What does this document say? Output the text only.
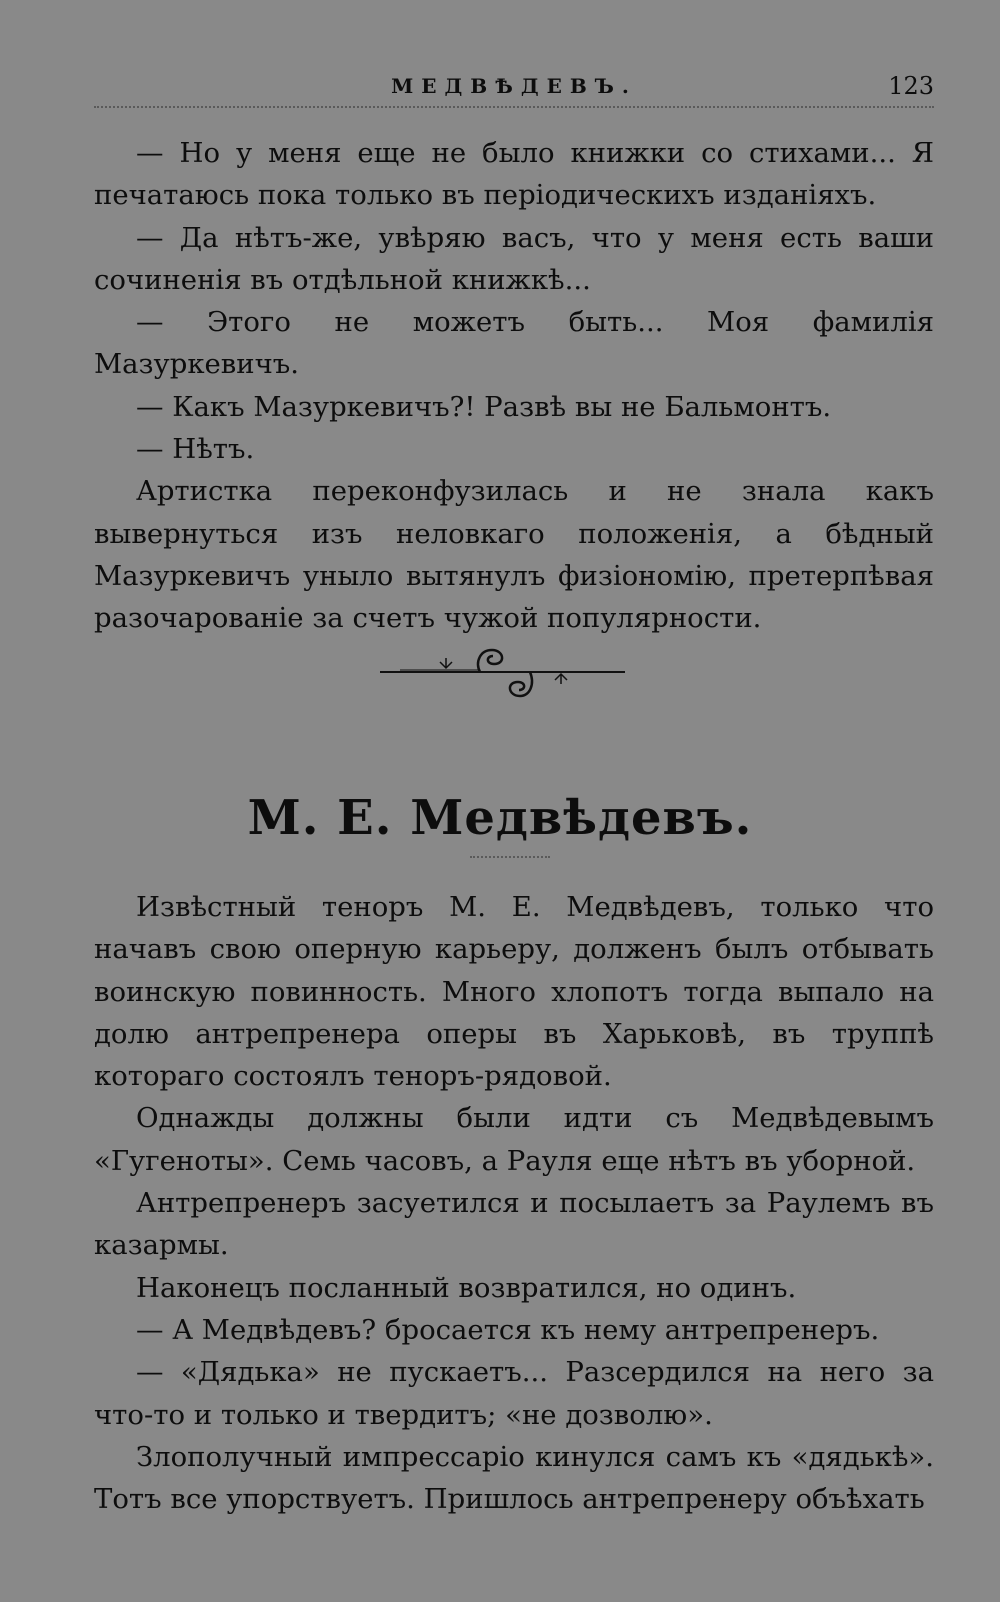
МЕДВѢДЕВЪ.	123

— Но у меня еще не было книжки со стихами... Я печатаюсь пока только въ періодическихъ изданіяхъ.

— Да нѣтъ-же, увѣряю васъ, что у меня есть ваши сочиненія въ отдѣльной книжкѣ...

— Этого не можетъ быть... Моя фамилія Мазуркевичъ.

— Какъ Мазуркевичъ?! Развѣ вы не Бальмонтъ.

— Нѣтъ.

Артистка переконфузилась и не знала какъ вывернуться изъ неловкаго положенія, а бѣдный Мазуркевичъ уныло вытянулъ физіономію, претерпѣвая разочарованіе за счетъ чужой популярности.

М. Е. Медвѣдевъ.

Извѣстный теноръ М. Е. Медвѣдевъ, только что начавъ свою оперную карьеру, долженъ былъ отбывать воинскую повинность. Много хлопотъ тогда выпало на долю антрепренера оперы въ Харьковѣ, въ труппѣ котораго состоялъ теноръ-рядовой.

Однажды должны были идти съ Медвѣдевымъ «Гугеноты». Семь часовъ, а Рауля еще нѣтъ въ уборной.

Антрепренеръ засуетился и посылаетъ за Раулемъ въ казармы.

Наконецъ посланный возвратился, но одинъ.

— А Медвѣдевъ? бросается къ нему антрепренеръ.

— «Дядька» не пускаетъ... Разсердился на него за что-то и только и твердитъ; «не дозволю».

Злополучный импрессаріо кинулся самъ къ «дядькѣ». Тотъ все упорствуетъ. Пришлось антрепренеру объѣхать
